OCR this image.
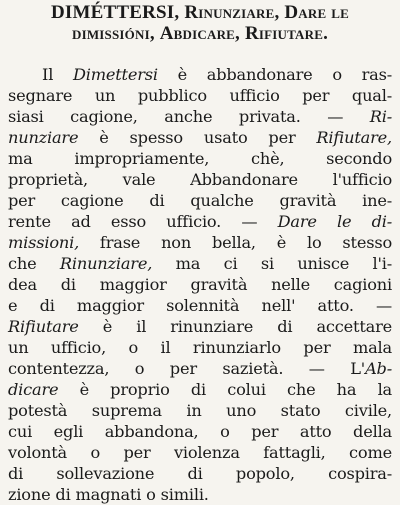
DIMÉTTERSI, Rinunziare, Dare le
dimissióni, Abdicare, Rifiutare.
Il Dimettersi è abbandonare o ras-
segnare un pubblico ufficio per qual-
siasi cagione, anche privata. — Ri-
nunziare è spesso usato per Rifiutare,
ma impropriamente, chè, secondo
proprietà, vale Abbandonare l'ufficio
per cagione di qualche gravità ine-
rente ad esso ufficio. — Dare le di-
missioni, frase non bella, è lo stesso
che Rinunziare, ma ci si unisce l'i-
dea di maggior gravità nelle cagioni
e di maggior solennità nell' atto. —
Rifiutare è il rinunziare di accettare
un ufficio, o il rinunziarlo per mala
contentezza, o per sazietà. — L'Ab-
dicare è proprio di colui che ha la
potestà suprema in uno stato civile,
cui egli abbandona, o per atto della
volontà o per violenza fattagli, come
di sollevazione di popolo, cospira-
zione di magnati o simili.
